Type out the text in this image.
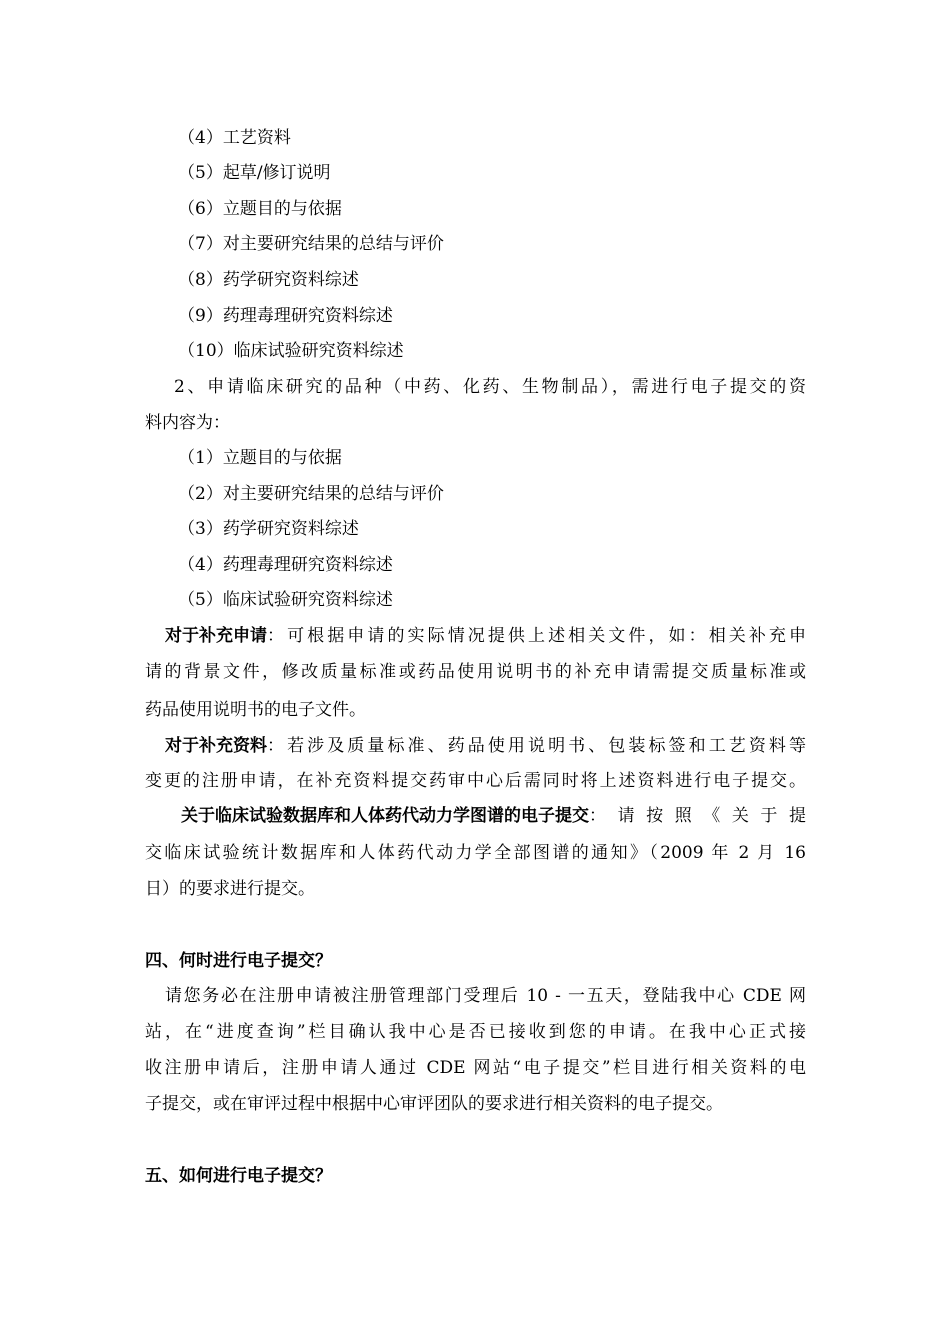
（4）工艺资料
（5）起草/修订说明
（6）立题目的与依据
（7）对主要研究结果的总结与评价
（8）药学研究资料综述
（9）药理毒理研究资料综述
（10）临床试验研究资料综述
2、申请临床研究的品种（中药、化药、生物制品），需进行电子提交的资
料内容为：
（1）立题目的与依据
（2）对主要研究结果的总结与评价
（3）药学研究资料综述
（4）药理毒理研究资料综述
（5）临床试验研究资料综述
对于补充申请 ：可根据申请的实际情况提供上述相关文件，如：相关补充申
请的背景文件，修改质量标准或药品使用说明书的补充申请需提交质量标准或
药品使用说明书的电子文件。
对于补充资料 ：若涉及质量标准、药品使用说明书、包装标签和工艺资料等
变更的注册申请，在补充资料提交药审中心后需同时将上述资料进行电子提交。
关于临床试验数据库和人体药代动力学图谱的电子提交 ：请按照《关于提
交临床试验统计数据库和人体药代动力学全部图谱的通知》（2009 年 2 月 16
日）的要求进行提交。
四、何时进行电子提交？
请您务必在注册申请被注册管理部门受理后 10 - 一五天，登陆我中心 CDE 网
站，在“进度查询”栏目确认我中心是否已接收到您的申请。在我中心正式接
收注册申请后，注册申请人通过 CDE 网站“电子提交”栏目进行相关资料的电
子提交，或在审评过程中根据中心审评团队的要求进行相关资料的电子提交。
五、如何进行电子提交？
